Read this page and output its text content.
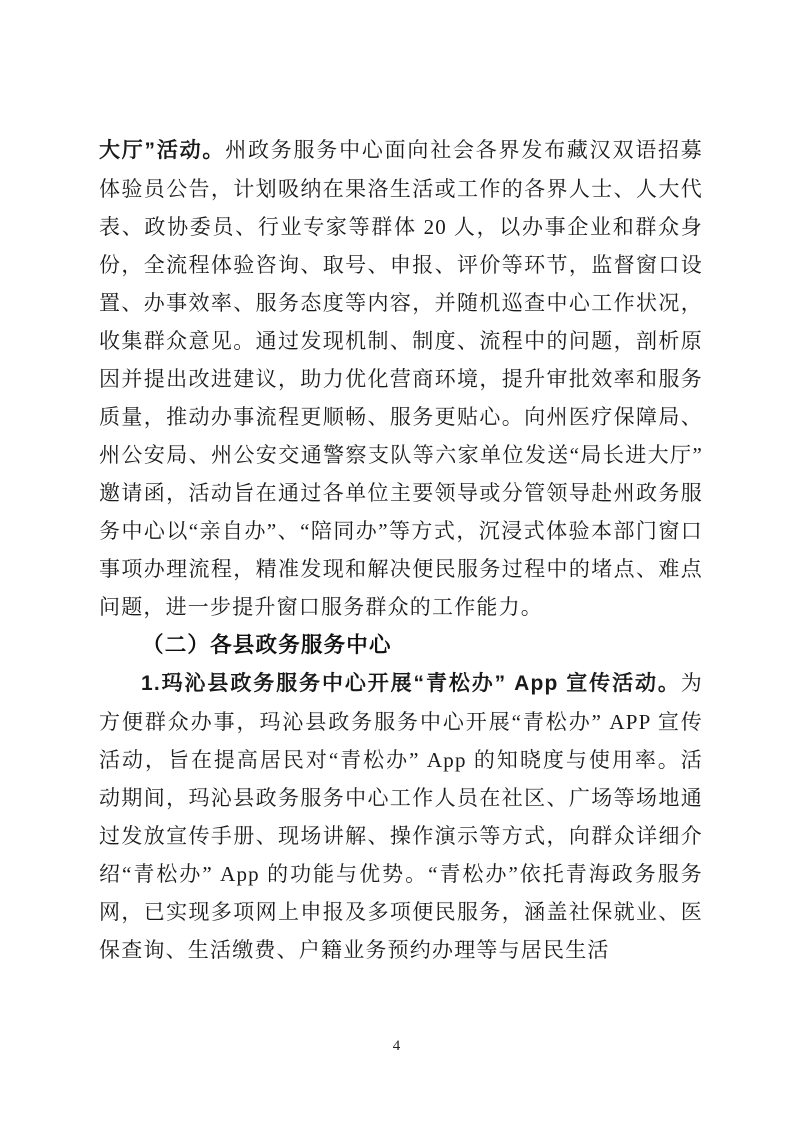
大厅”活动。州政务服务中心面向社会各界发布藏汉双语招募体验员公告，计划吸纳在果洛生活或工作的各界人士、人大代表、政协委员、行业专家等群体 20 人，以办事企业和群众身份，全流程体验咨询、取号、申报、评价等环节，监督窗口设置、办事效率、服务态度等内容，并随机巡查中心工作状况，收集群众意见。通过发现机制、制度、流程中的问题，剖析原因并提出改进建议，助力优化营商环境，提升审批效率和服务质量，推动办事流程更顺畅、服务更贴心。向州医疗保障局、州公安局、州公安交通警察支队等六家单位发送“局长进大厅”邀请函，活动旨在通过各单位主要领导或分管领导赴州政务服务中心以“亲自办”、“陪同办”等方式，沉浸式体验本部门窗口事项办理流程，精准发现和解决便民服务过程中的堵点、难点问题，进一步提升窗口服务群众的工作能力。

（二）各县政务服务中心

1.玛沁县政务服务中心开展“青松办” App 宣传活动。为方便群众办事，玛沁县政务服务中心开展“青松办” APP 宣传活动，旨在提高居民对“青松办” App 的知晓度与使用率。活动期间，玛沁县政务服务中心工作人员在社区、广场等场地通过发放宣传手册、现场讲解、操作演示等方式，向群众详细介绍“青松办” App 的功能与优势。“青松办”依托青海政务服务网，已实现多项网上申报及多项便民服务，涵盖社保就业、医保查询、生活缴费、户籍业务预约办理等与居民生活

4
